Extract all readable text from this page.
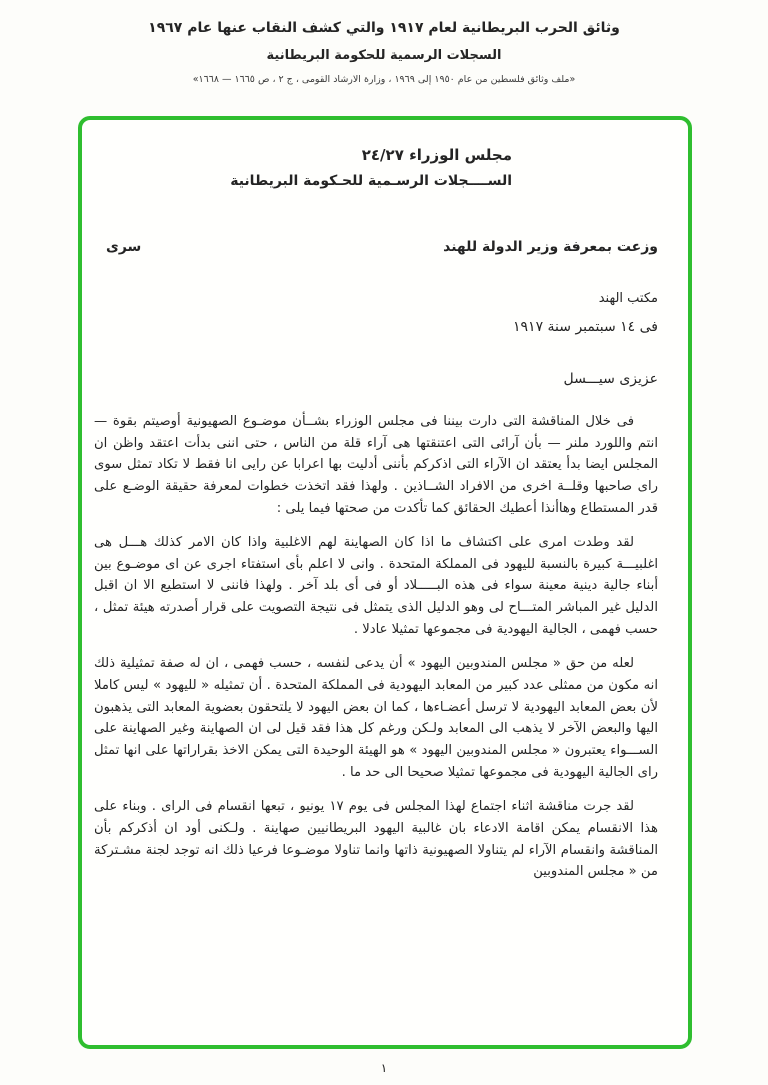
وثائق الحرب البريطانية لعام ١٩١٧ والتي كشف النقاب عنها عام ١٩٦٧
السجلات الرسمية للحكومة البريطانية
«ملف وثائق فلسطين من عام ١٩٥٠ إلى ١٩٦٩ ، وزارة الارشاد القومى ، ج ٢ ، ص ١٦٦٥ — ١٦٦٨»
مجلس الوزراء ٢٤/٢٧
الســــجلات الرسـمية للحـكومة البريطانية
وزعت بمعرفة وزير الدولة للهند
سرى
مكتب الهند
فى ١٤ سبتمبر سنة ١٩١٧
عزيزى سيـــسل

فى خلال المناقشة التى دارت بيننا فى مجلس الوزراء بشــأن موضـوع الصهيونية أوصيتم بقوة — انتم واللورد ملنر — بأن آرائى التى اعتنقتها هى آراء قلة من الناس ، حتى اننى بدأت اعتقد واظن ان المجلس ايضا بدأ يعتقد ان الآراء التى اذكركم بأننى أدليت بها اعرابا عن رايى انا فقط لا تكاد تمثل سوى راى صاحبها وقلــة اخرى من الافراد الشــاذين . ولهذا فقد اتخذت خطوات لمعرفة حقيقة الوضـع على قدر المستطاع وهاأنذا أعطيك الحقائق كما تأكدت من صحتها فيما يلى :

لقد وطدت امرى على اكتشاف ما اذا كان الصهاينة لهم الاغلبية واذا كان الامر كذلك هـــل هى اغلبيـــة كبيرة بالنسبة لليهود فى المملكة المتحدة . وانى لا اعلم بأى استفتاء اجرى عن اى موضـوع بين أبناء جالية دينية معينة سواء فى هذه البـــــلاد أو فى أى بلد آخر . ولهذا فاننى لا استطيع الا ان اقبل الدليل غير المباشر المتـــاح لى وهو الدليل الذى يتمثل فى نتيجة التصويت على قرار أصدرته هيئة تمثل ، حسب فهمى ، الجالية اليهودية فى مجموعها تمثيلا عادلا .

لعله من حق « مجلس المندوبين اليهود » أن يدعى لنفسه ، حسب فهمى ، ان له صفة تمثيلية ذلك انه مكون من ممثلى عدد كبير من المعابد اليهودية فى المملكة المتحدة . أن تمثيله « لليهود » ليس كاملا لأن بعض المعابد اليهودية لا ترسل أعضـاءها ، كما ان بعض اليهود لا يلتحقون بعضوية المعابد التى يذهبون اليها والبعض الآخر لا يذهب الى المعابد ولـكن ورغم كل هذا فقد قيل لى ان الصهاينة وغير الصهاينة على الســـواء يعتبرون « مجلس المندوبين اليهود » هو الهيئة الوحيدة التى يمكن الاخذ بقراراتها على انها تمثل راى الجالية اليهودية فى مجموعها تمثيلا صحيحا الى حد ما .

لقد جرت مناقشة اثناء اجتماع لهذا المجلس فى يوم ١٧ يونيو ، تبعها انقسام فى الراى . وبناء على هذا الانقسام يمكن اقامة الادعاء بان غالبية اليهود البريطانيين صهاينة . ولـكنى أود ان أذكركم بأن المناقشة وانقسام الآراء لم يتناولا الصهيونية ذاتها وانما تناولا موضـوعا فرعيا ذلك انه توجد لجنة مشـتركة من « مجلس المندوبين

١
